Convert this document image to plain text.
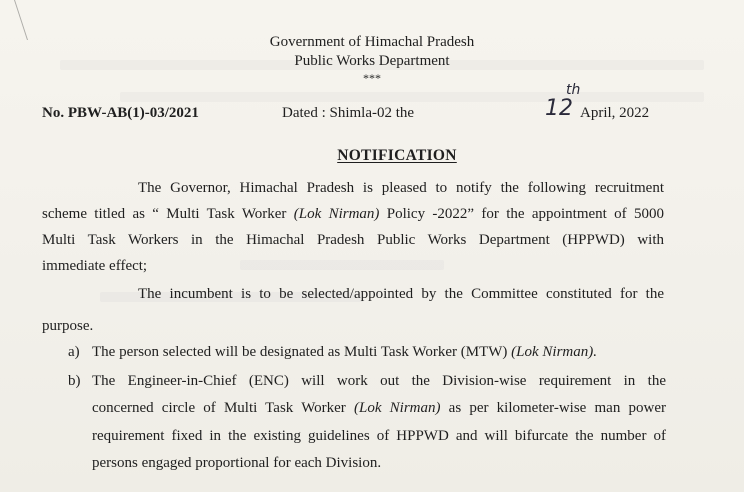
Government of Himachal Pradesh
Public Works Department
***
No. PBW-AB(1)-03/2021	Dated : Shimla-02 the	12
th
April, 2022
NOTIFICATION
The Governor, Himachal Pradesh is pleased to notify the following recruitment
scheme titled as “ Multi Task Worker (Lok Nirman) Policy -2022” for the appointment of 5000
Multi Task Workers in the Himachal Pradesh Public Works Department (HPPWD) with
immediate effect;
The incumbent is to be selected/appointed by the Committee constituted for the
purpose.
a) The person selected will be designated as Multi Task Worker (MTW) (Lok Nirman).
b) The Engineer-in-Chief (ENC) will work out the Division-wise requirement in the
concerned circle of Multi Task Worker (Lok Nirman) as per kilometer-wise man power
requirement fixed in the existing guidelines of HPPWD and will bifurcate the number of
persons engaged proportional for each Division.
